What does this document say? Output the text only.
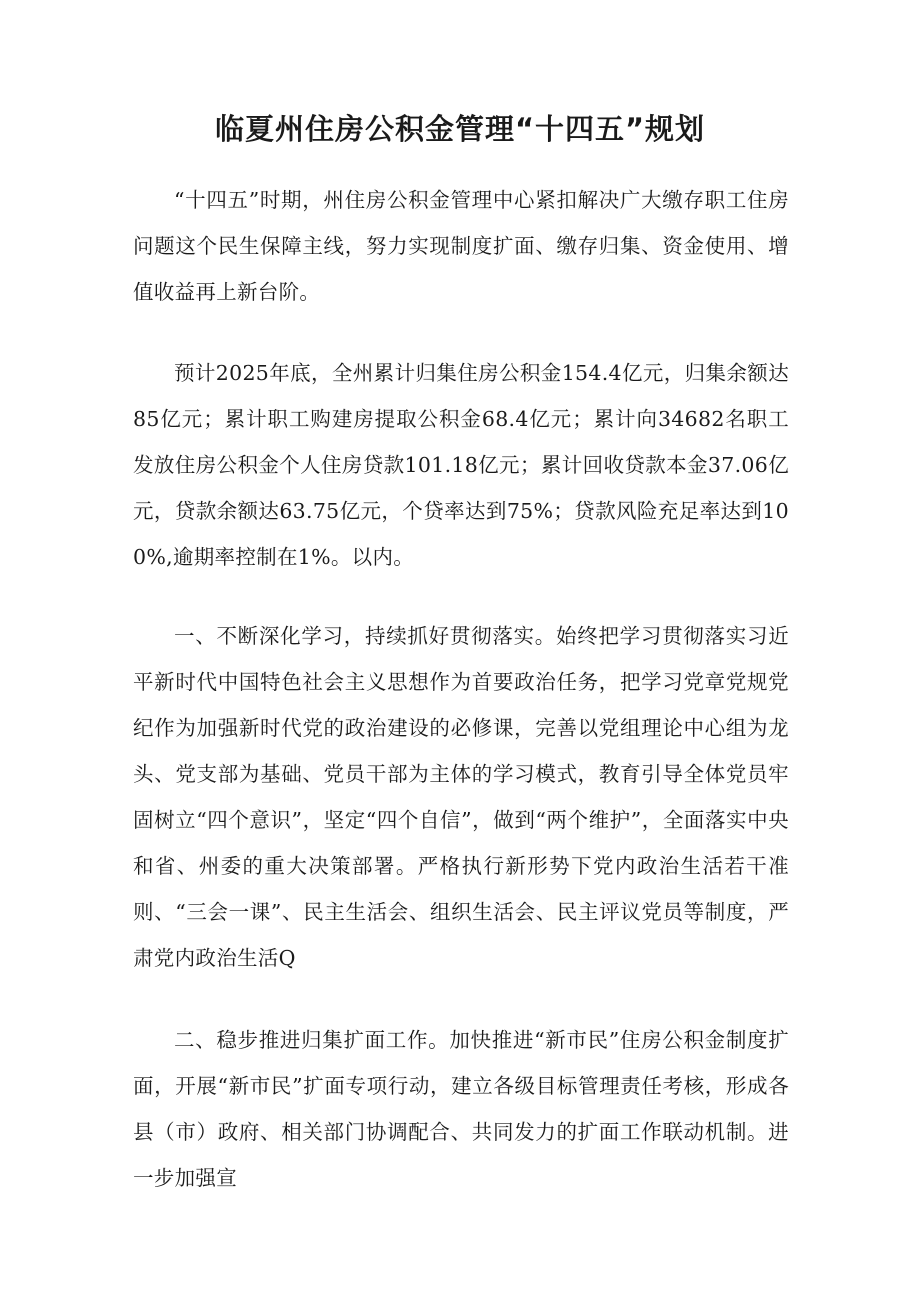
临夏州住房公积金管理“十四五”规划

“十四五”时期，州住房公积金管理中心紧扣解决广大缴存职工住房问题这个民生保障主线，努力实现制度扩面、缴存归集、资金使用、增值收益再上新台阶。

预计2025年底，全州累计归集住房公积金154.4亿元，归集余额达85亿元；累计职工购建房提取公积金68.4亿元；累计向34682名职工发放住房公积金个人住房贷款101.18亿元；累计回收贷款本金37.06亿元，贷款余额达63.75亿元，个贷率达到75%；贷款风险充足率达到100%,逾期率控制在1%。以内。

一、不断深化学习，持续抓好贯彻落实。始终把学习贯彻落实习近平新时代中国特色社会主义思想作为首要政治任务，把学习党章党规党纪作为加强新时代党的政治建设的必修课，完善以党组理论中心组为龙头、党支部为基础、党员干部为主体的学习模式，教育引导全体党员牢固树立“四个意识”，坚定“四个自信”，做到“两个维护”，全面落实中央和省、州委的重大决策部署。严格执行新形势下党内政治生活若干准则、“三会一课”、民主生活会、组织生活会、民主评议党员等制度，严肃党内政治生活Q

二、稳步推进归集扩面工作。加快推进“新市民”住房公积金制度扩面，开展“新市民”扩面专项行动，建立各级目标管理责任考核，形成各县（市）政府、相关部门协调配合、共同发力的扩面工作联动机制。进一步加强宣
